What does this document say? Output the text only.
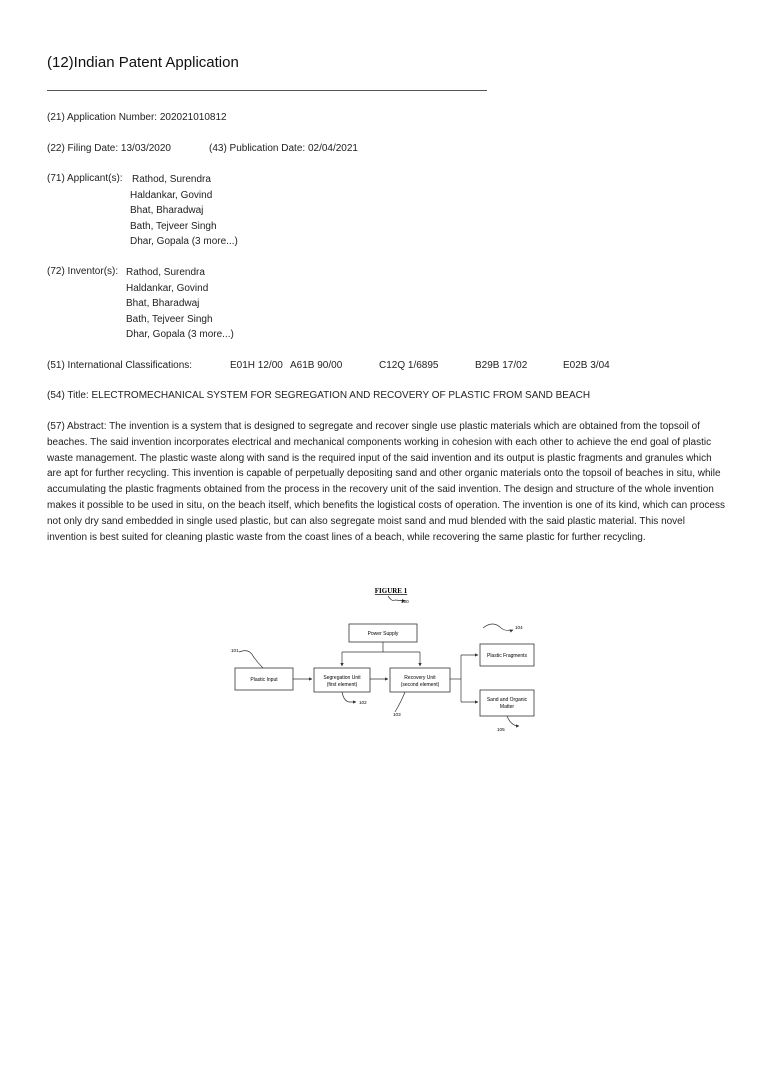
(12)Indian Patent Application
(21) Application Number: 202021010812
(22) Filing Date: 13/03/2020	(43) Publication Date: 02/04/2021
(71) Applicant(s): Rathod, Surendra
Haldankar, Govind
Bhat, Bharadwaj
Bath, Tejveer Singh
Dhar, Gopala (3 more...)
(72) Inventor(s): Rathod, Surendra
Haldankar, Govind
Bhat, Bharadwaj
Bath, Tejveer Singh
Dhar, Gopala (3 more...)
(51) International Classifications:	E01H 12/00 A61B 90/00	C12Q 1/6895	B29B 17/02	E02B 3/04
(54) Title: ELECTROMECHANICAL SYSTEM FOR SEGREGATION AND RECOVERY OF PLASTIC FROM SAND BEACH
(57) Abstract: The invention is a system that is designed to segregate and recover single use plastic materials which are obtained from the topsoil of beaches. The said invention incorporates electrical and mechanical components working in cohesion with each other to achieve the end goal of plastic waste management. The plastic waste along with sand is the required input of the said invention and its output is plastic fragments and granules which are apt for further recycling. This invention is capable of perpetually depositing sand and other organic materials onto the topsoil of beaches in situ, while accumulating the plastic fragments obtained from the process in the recovery unit of the said invention. The design and structure of the whole invention makes it possible to be used in situ, on the beach itself, which benefits the logistical costs of operation. The invention is one of its kind, which can process not only dry sand embedded in single used plastic, but can also segregate moist sand and mud blended with the said plastic material. This novel invention is best suited for cleaning plastic waste from the coast lines of a beach, while recovering the same plastic for further recycling.
FIGURE 1
100
Power Supply
Plastic Input
101
Segregation Unit
(first element)
102
Recovery Unit
(second element)
103
Plastic Fragments
104
Sand and Organic
Matter
105
